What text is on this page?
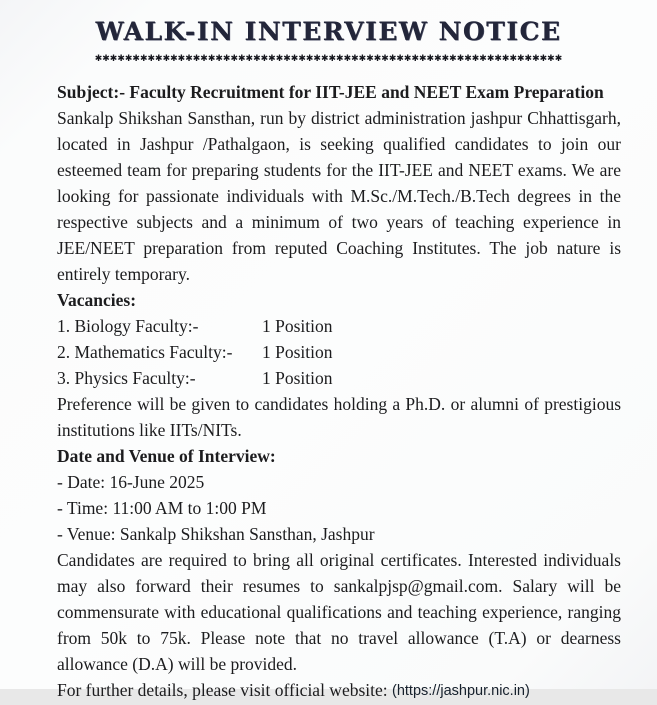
WALK-IN INTERVIEW NOTICE
✱✱✱✱✱✱✱✱✱✱✱✱✱✱✱✱✱✱✱✱✱✱✱✱✱✱✱✱✱✱✱✱✱✱✱✱✱✱✱✱✱✱✱✱✱✱✱✱✱✱✱✱✱✱✱✱✱✱✱✱✱✱
Subject:- Faculty Recruitment for IIT-JEE and NEET Exam Preparation
Sankalp Shikshan Sansthan, run by district administration jashpur Chhattisgarh, located in Jashpur /Pathalgaon, is seeking qualified candidates to join our esteemed team for preparing students for the IIT-JEE and NEET exams. We are looking for passionate individuals with M.Sc./M.Tech./B.Tech degrees in the respective subjects and a minimum of two years of teaching experience in JEE/NEET preparation from reputed Coaching Institutes. The job nature is entirely temporary.
Vacancies:
1. Biology Faculty:-	1 Position
2. Mathematics Faculty:- 1 Position
3. Physics Faculty:-	1 Position
Preference will be given to candidates holding a Ph.D. or alumni of prestigious institutions like IITs/NITs.
Date and Venue of Interview:
- Date: 16-June 2025
- Time: 11:00 AM to 1:00 PM
- Venue: Sankalp Shikshan Sansthan, Jashpur
Candidates are required to bring all original certificates. Interested individuals may also forward their resumes to sankalpjsp@gmail.com. Salary will be commensurate with educational qualifications and teaching experience, ranging from 50k to 75k. Please note that no travel allowance (T.A) or dearness allowance (D.A) will be provided.
For further details, please visit official website: (https://jashpur.nic.in)
